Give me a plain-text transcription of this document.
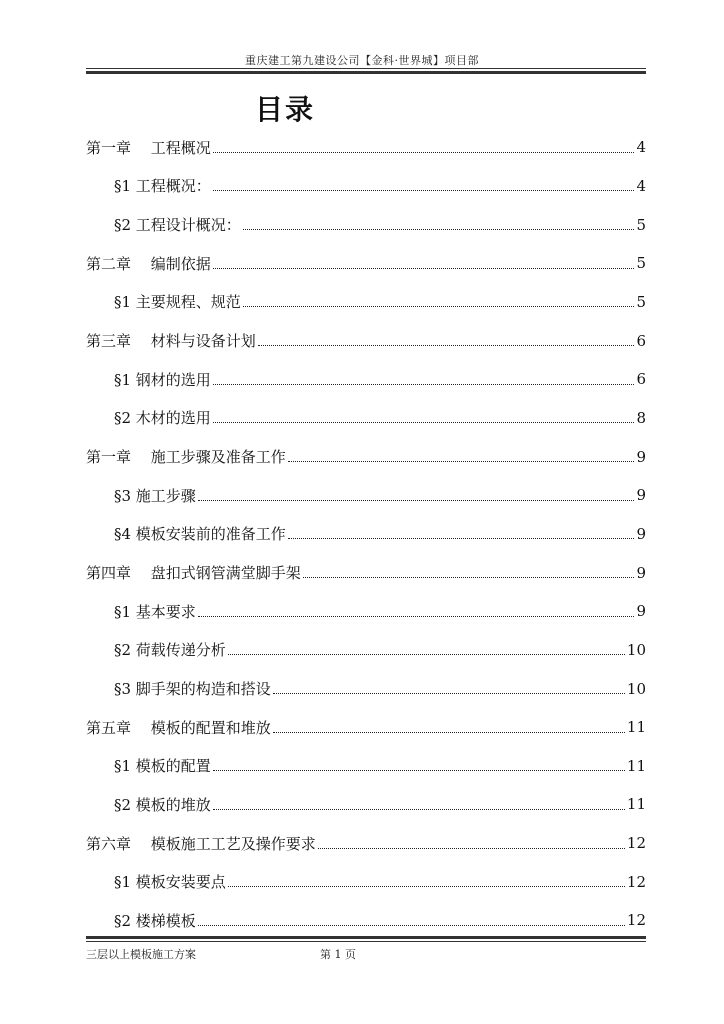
重庆建工第九建设公司【金科·世界城】项目部
目录
第一章　 工程概况	4
§1 工程概况：	4
§2 工程设计概况：	5
第二章　 编制依据	5
§1 主要规程、规范	5
第三章　 材料与设备计划	6
§1 钢材的选用	6
§2 木材的选用	8
第一章　 施工步骤及准备工作	9
§3 施工步骤	9
§4 模板安装前的准备工作	9
第四章　 盘扣式钢管满堂脚手架	9
§1 基本要求	9
§2 荷载传递分析	10
§3 脚手架的构造和搭设	10
第五章　 模板的配置和堆放	11
§1 模板的配置	11
§2 模板的堆放	11
第六章　 模板施工工艺及操作要求	12
§1 模板安装要点	12
§2 楼梯模板	12
三层以上模板施工方案	第 1 页
